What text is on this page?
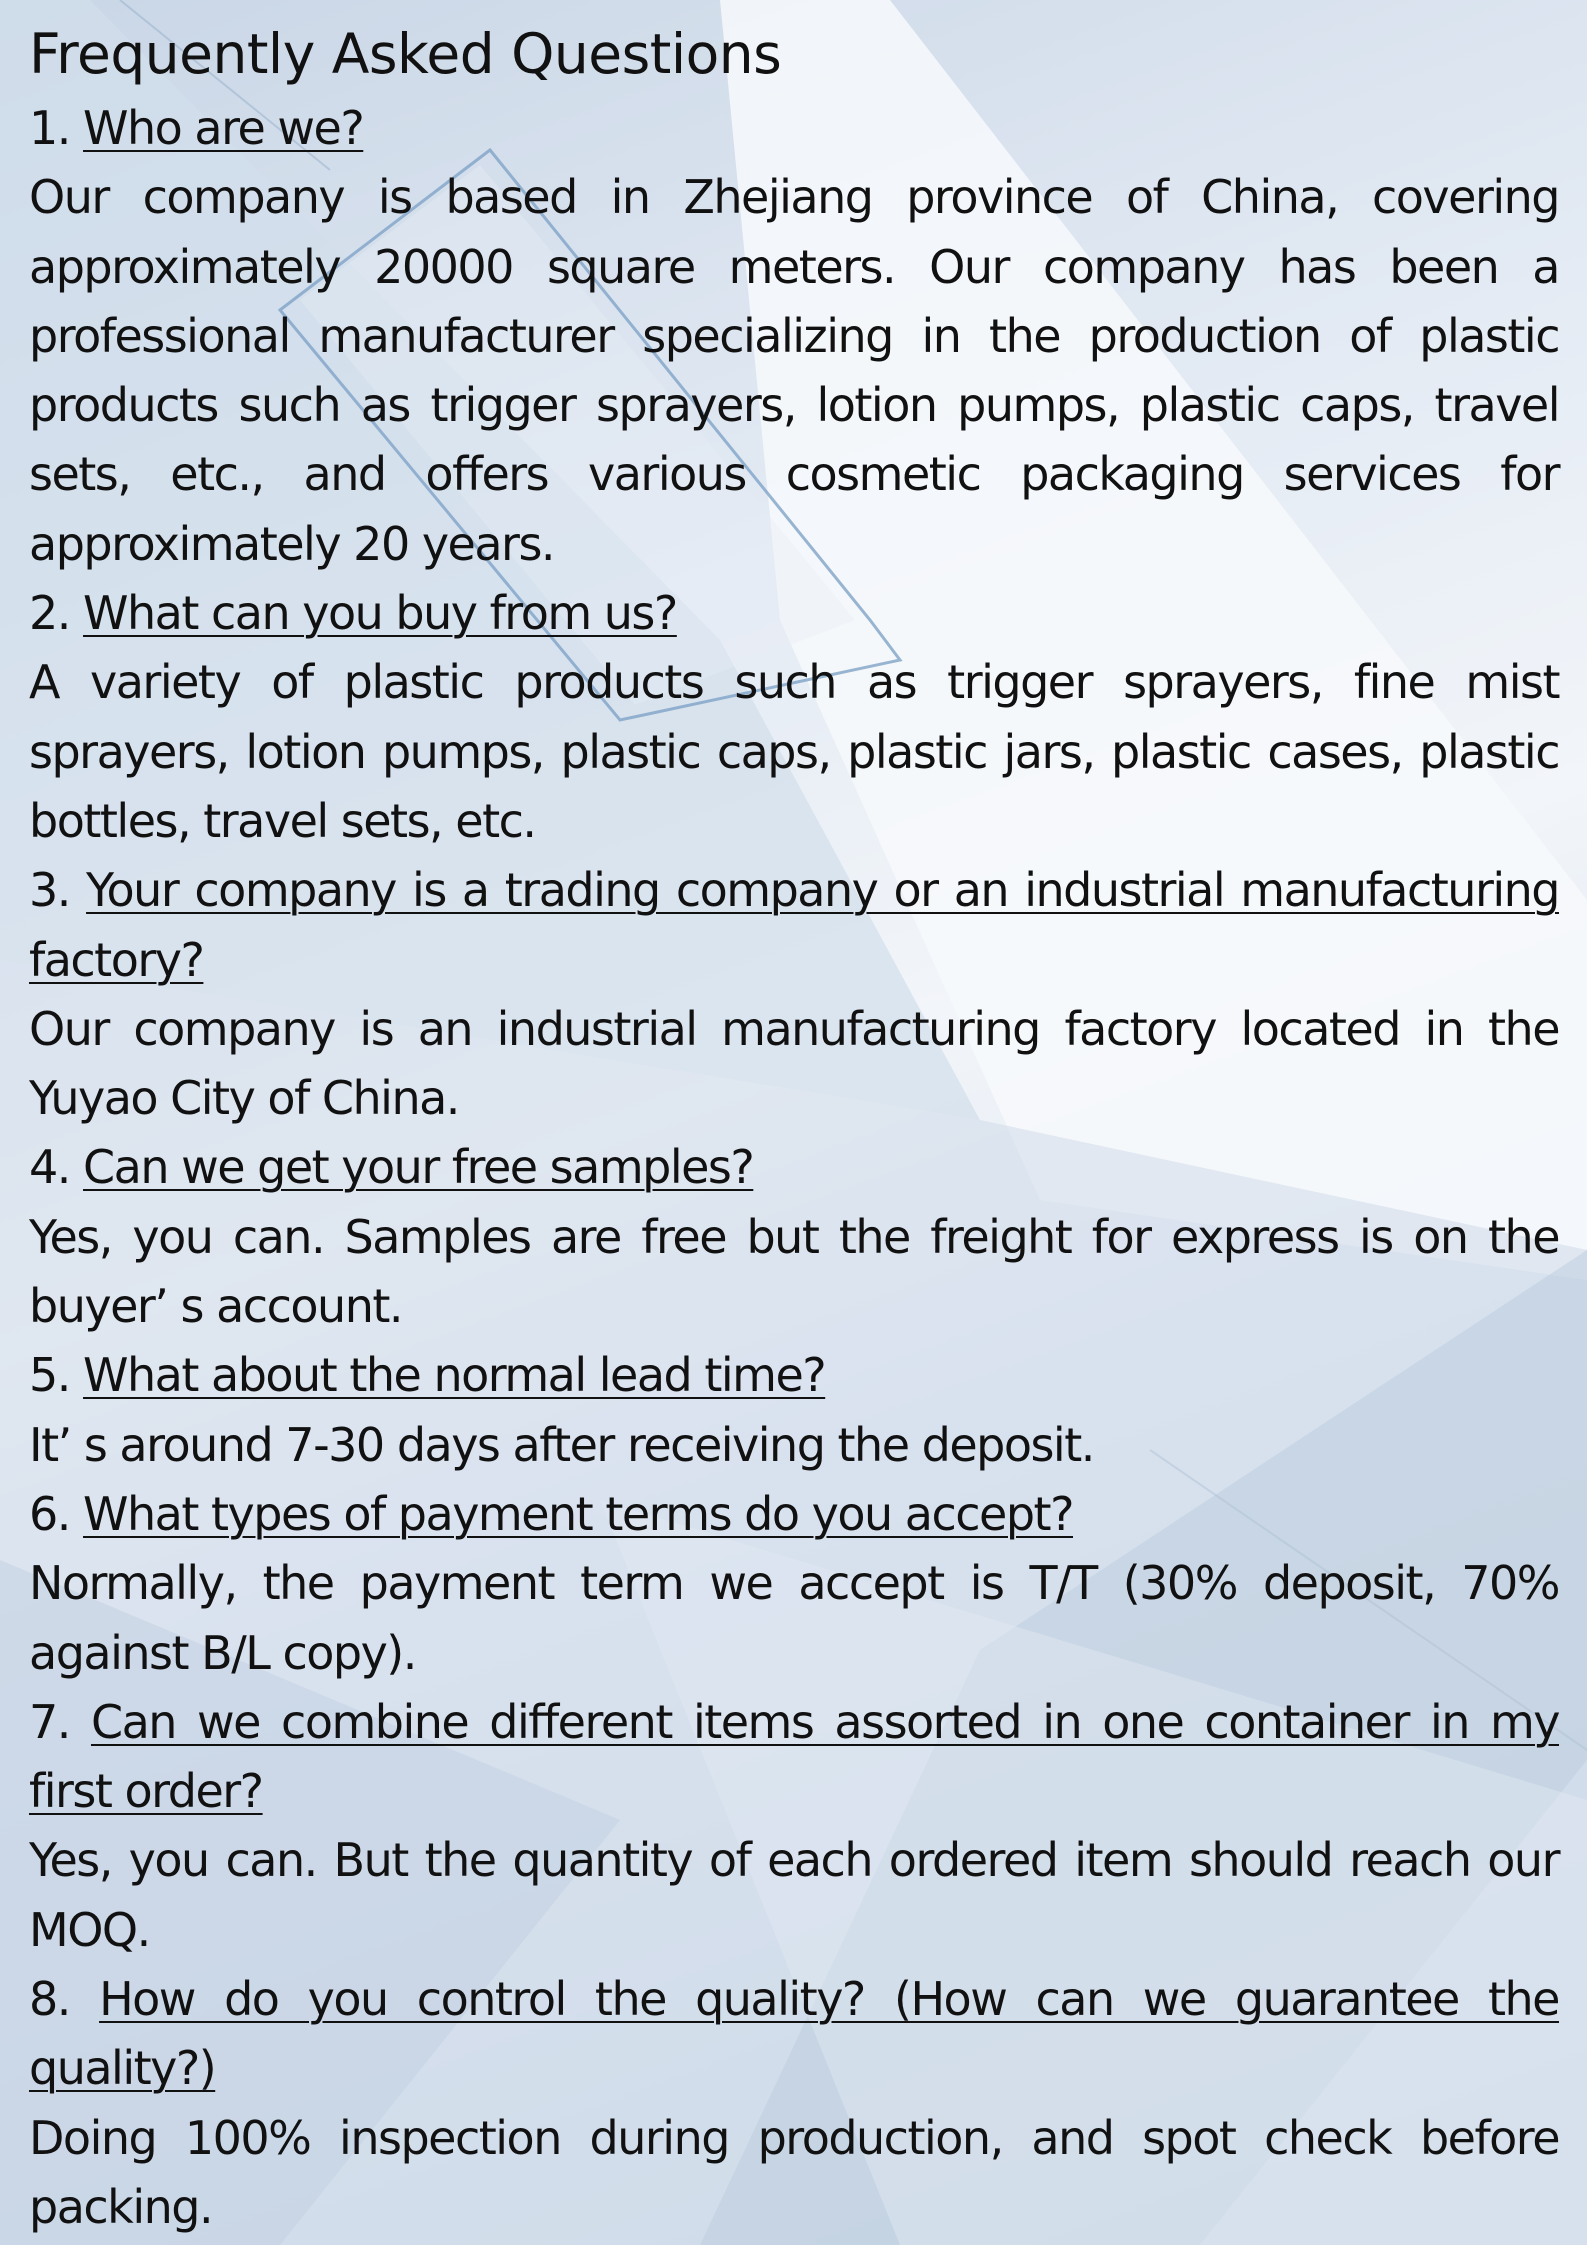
Frequently Asked Questions

1. Who are we?

Our company is based in Zhejiang province of China, covering approximately 20000 square meters. Our company has been a professional manufacturer specializing in the production of plastic products such as trigger sprayers, lotion pumps, plastic caps, travel sets, etc., and offers various cosmetic packaging services for approximately 20 years.

2. What can you buy from us?

A variety of plastic products such as trigger sprayers, fine mist sprayers, lotion pumps, plastic caps, plastic jars, plastic cases, plastic bottles, travel sets, etc.

3. Your company is a trading company or an industrial manufacturing factory?

Our company is an industrial manufacturing factory located in the Yuyao City of China.

4. Can we get your free samples?

Yes, you can. Samples are free but the freight for express is on the buyer’ s account.

5. What about the normal lead time?

It’ s around 7-30 days after receiving the deposit.

6. What types of payment terms do you accept?

Normally, the payment term we accept is T/T (30% deposit, 70% against B/L copy).

7. Can we combine different items assorted in one container in my first order?

Yes, you can. But the quantity of each ordered item should reach our MOQ.

8. How do you control the quality? (How can we guarantee the quality?)

Doing 100% inspection during production, and spot check before packing.
